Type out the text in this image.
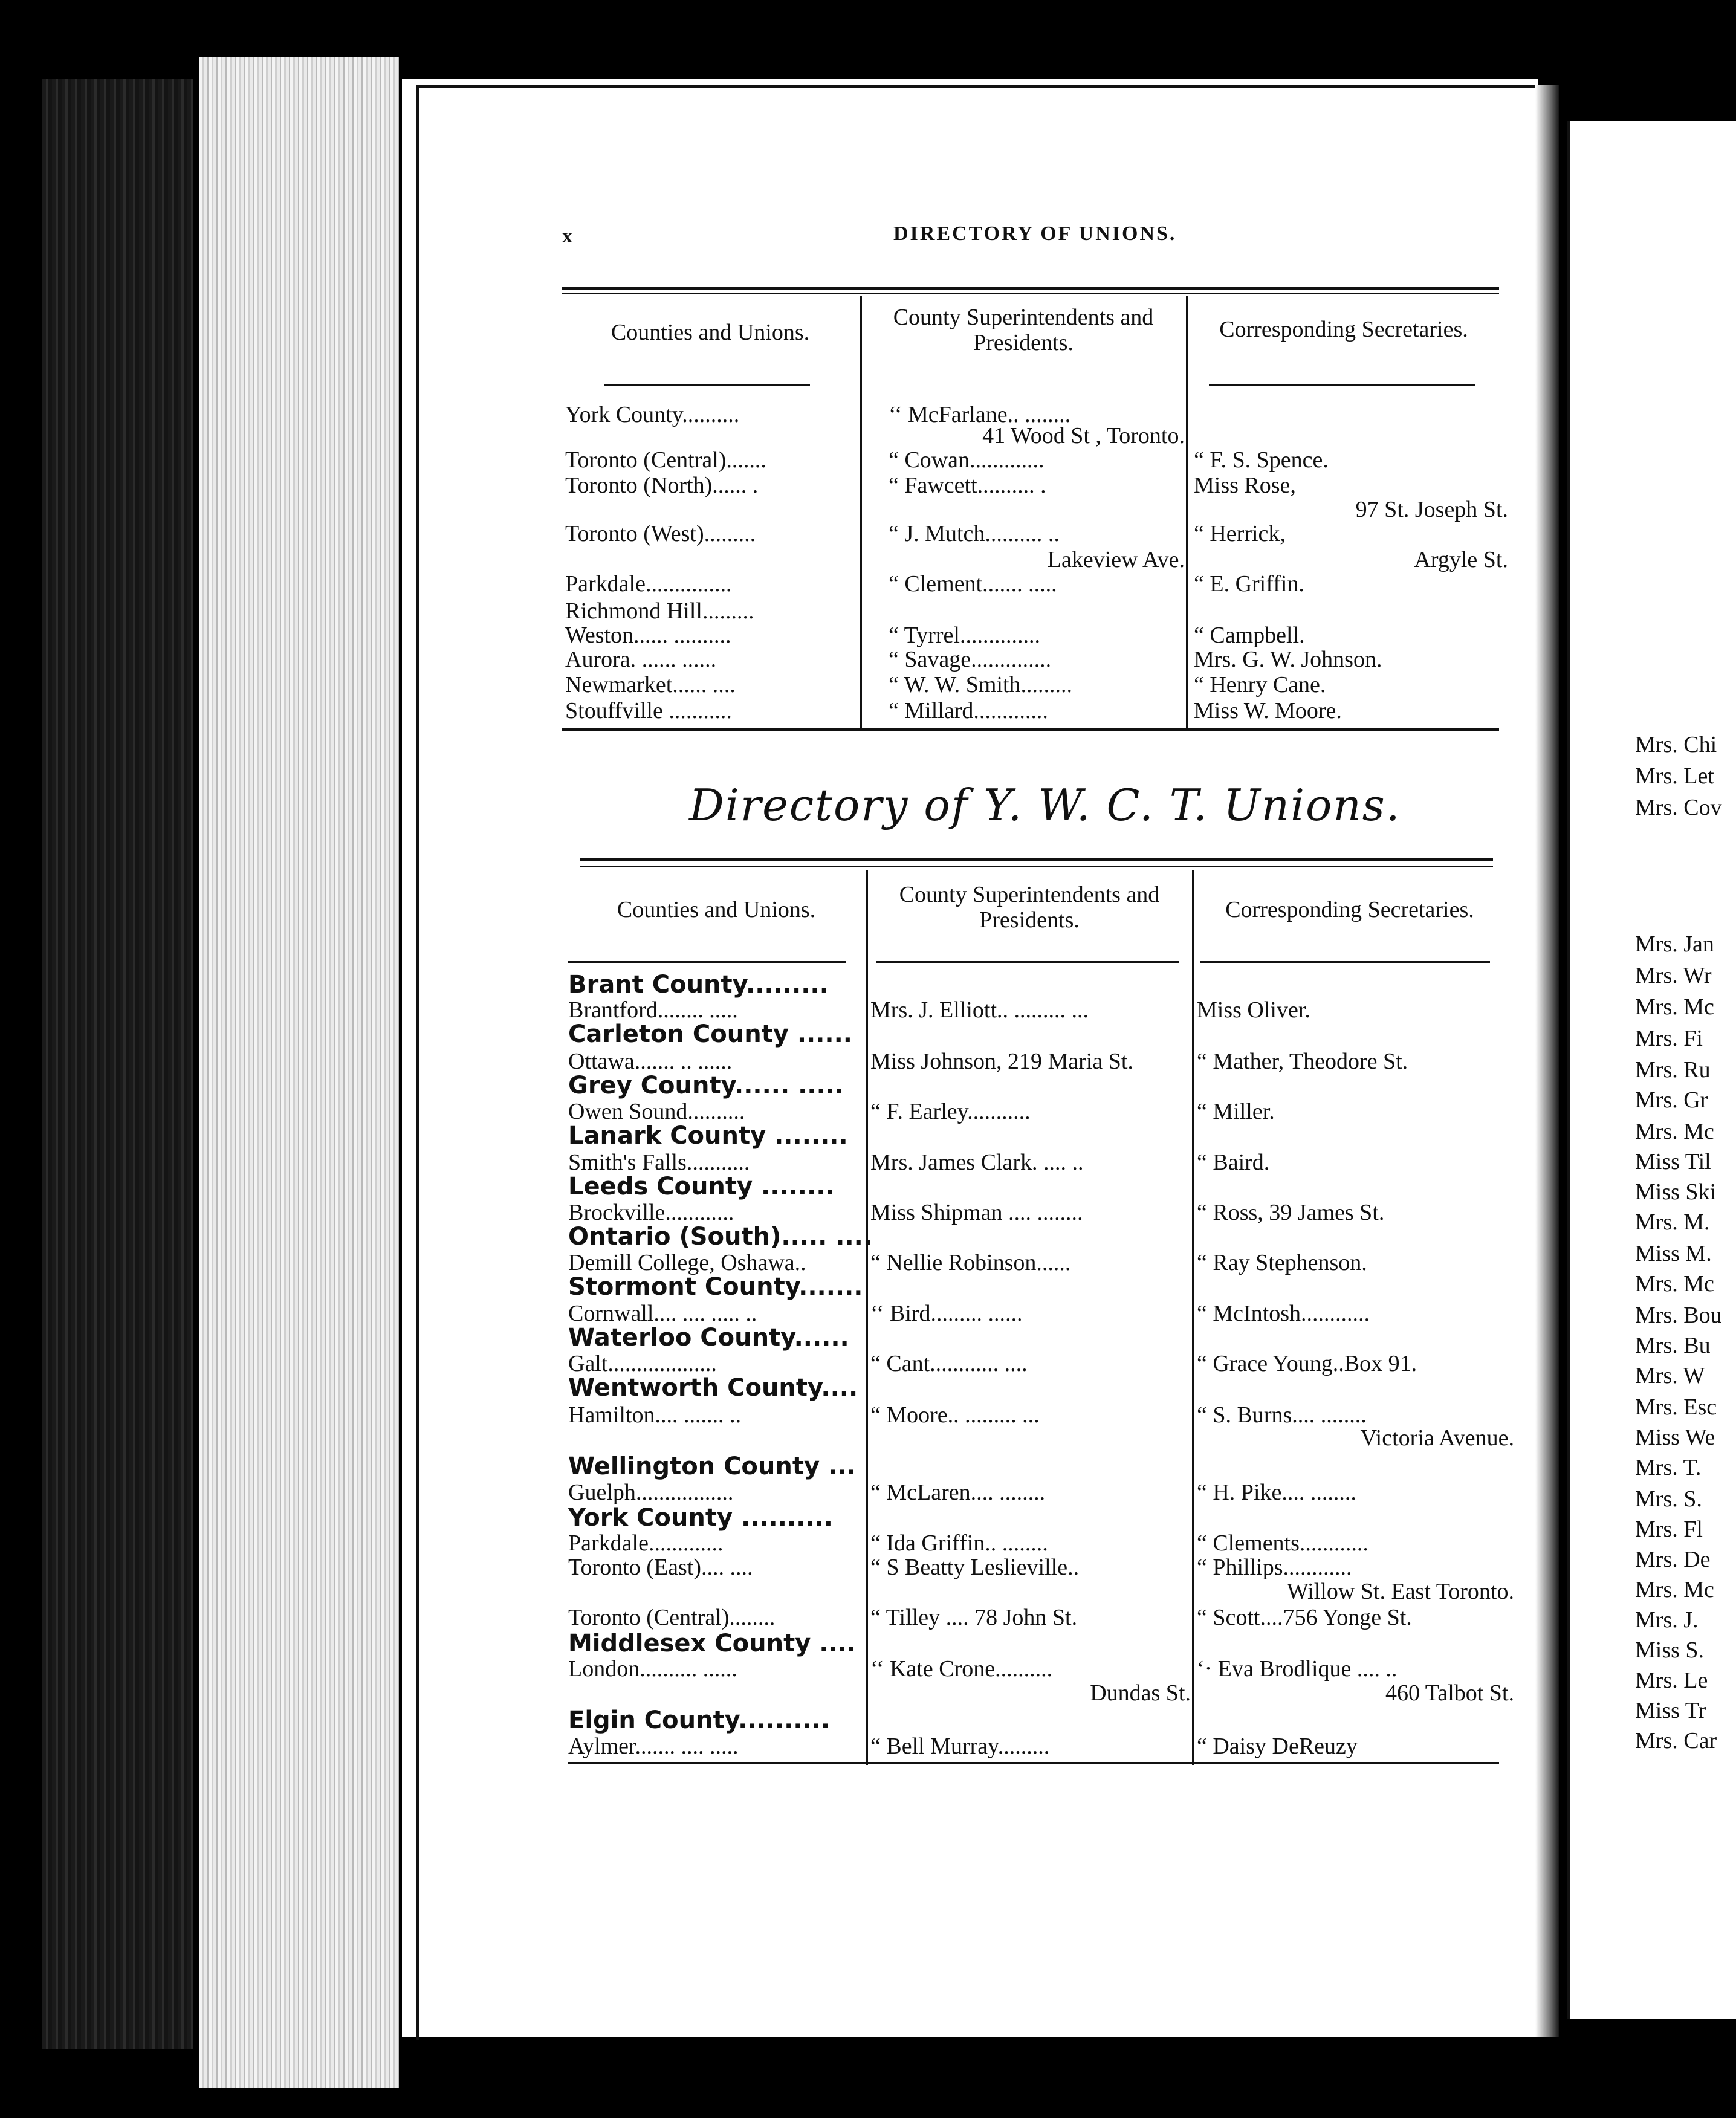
x	DIRECTORY OF UNIONS.
Counties and Unions.
County Superintendents and Presidents.
Corresponding Secretaries.
York County..........	‘‘ McFarlane.. ........
41 Wood St , Toronto.
Toronto (Central).......	“ Cowan.............	“ F. S. Spence.
Toronto (North)...... .	“ Fawcett.......... .	Miss Rose,
97 St. Joseph St.
Toronto (West).........	“ J. Mutch.......... ..	“ Herrick,
Lakeview Ave.	Argyle St.
Parkdale...............	“ Clement....... .....	“ E. Griffin.
Richmond Hill.........
Weston...... ..........	“ Tyrrel..............	“ Campbell.
Aurora. ...... ......	“ Savage..............	Mrs. G. W. Johnson.
Newmarket...... ....	“ W. W. Smith.........	“ Henry Cane.
Stouffville ...........	“ Millard.............	Miss W. Moore.
Directory of Y. W. C. T. Unions.
Counties and Unions.
County Superintendents and Presidents.	Corresponding Secretaries.
Brant County.........
Brantford........ .....	Mrs. J. Elliott.. ......... ...	Miss Oliver.
Carleton County ......
Ottawa....... .. ......	Miss Johnson, 219 Maria St.	“ Mather, Theodore St.
Grey County...... .....
Owen Sound..........	“ F. Earley...........	“ Miller.
Lanark County ........
Smith's Falls...........	Mrs. James Clark. .... ..	“ Baird.
Leeds County ........
Brockville............	Miss Shipman .... ........	“ Ross, 39 James St.
Ontario (South)..... ....
Demill College, Oshawa..	“ Nellie Robinson......	“ Ray Stephenson.
Stormont County.......
Cornwall.... .... ..... ..	‘‘ Bird......... ......	“ McIntosh............
Waterloo County......
Galt...................	“ Cant............ ....	“ Grace Young..Box 91.
Wentworth County....
Hamilton.... ....... ..	“ Moore.. ......... ...	“ S. Burns.... ........
Victoria Avenue.
Wellington County ...
Guelph.................	“ McLaren.... ........	“ H. Pike.... ........
York County ..........
Parkdale.............	“ Ida Griffin.. ........	“ Clements............
Toronto (East).... ....	“ S Beatty Leslieville..	“ Phillips............
Willow St. East Toronto.
Toronto (Central)........	“ Tilley .... 78 John St.	“ Scott....756 Yonge St.
Middlesex County ....
London.......... ......	‘‘ Kate Crone..........	‘· Eva Brodlique .... ..
Dundas St.	460 Talbot St.
Elgin County..........
Aylmer....... .... .....	“ Bell Murray.........	“ Daisy DeReuzy
Mrs. Chi
Mrs. Let
Mrs. Cov
Mrs. Jan
Mrs. Wr
Mrs. Mc
Mrs. Fi
Mrs. Ru
Mrs. Gr
Mrs. Mc
Miss Til
Miss Ski
Mrs. M.
Miss M.
Mrs. Mc
Mrs. Bou
Mrs. Bu
Mrs. W
Mrs. Esc
Miss We
Mrs. T.
Mrs. S.
Mrs. Fl
Mrs. De
Mrs. Mc
Mrs. J.
Miss S.
Mrs. Le
Miss Tr
Mrs. Car
